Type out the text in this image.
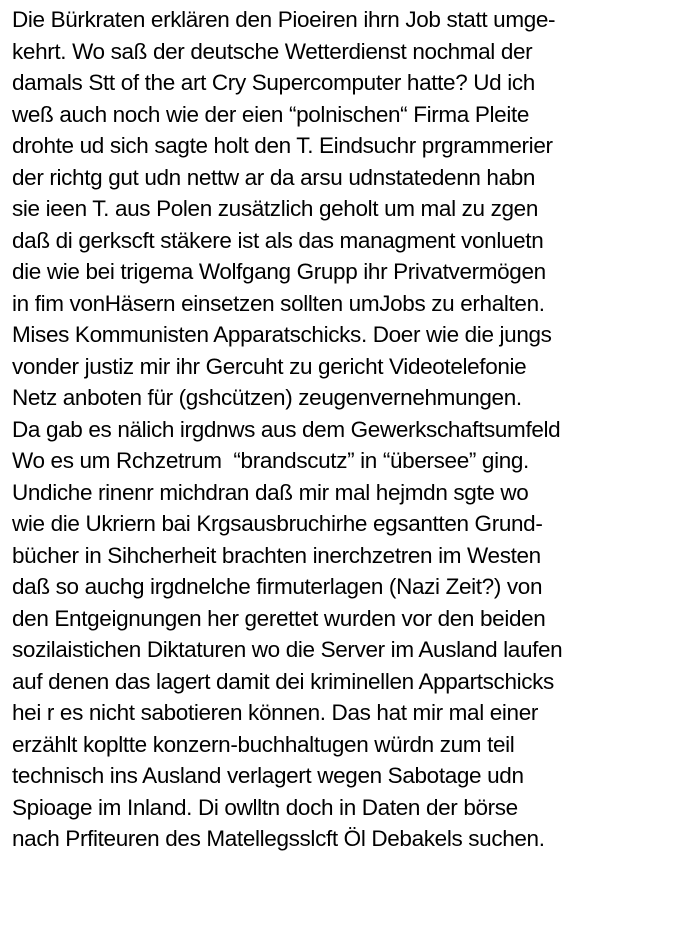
Die Bürkraten erklären den Pioeiren ihrn Job statt umge-
kehrt. Wo saß der deutsche Wetterdienst nochmal der
damals Stt of the art Cry Supercomputer hatte? Ud ich
weß auch noch wie der eien “polnischen“ Firma Pleite
drohte ud sich sagte holt den T. Eindsuchr prgrammerier
der richtg gut udn nettw ar da arsu udnstatedenn habn
sie ieen T. aus Polen zusätzlich geholt um mal zu zgen
daß di gerkscft stäkere ist als das managment vonluetn
die wie bei trigema Wolfgang Grupp ihr Privatvermögen
in fim vonHäsern einsetzen sollten umJobs zu erhalten.
Mises Kommunisten Apparatschicks. Doer wie die jungs
vonder justiz mir ihr Gercuht zu gericht Videotelefonie
Netz anboten für (gshcützen) zeugenvernehmungen.
Da gab es nälich irgdnws aus dem Gewerkschaftsumfeld
Wo es um Rchzetrum  “brandscutz” in “übersee” ging.
Undiche rinenr michdran daß mir mal hejmdn sgte wo
wie die Ukriern bai Krgsausbruchirhe egsantten Grund-
bücher in Sihcherheit brachten inerchzetren im Westen
daß so auchg irgdnelche firmuterlagen (Nazi Zeit?) von
den Entgeignungen her gerettet wurden vor den beiden
sozilaistichen Diktaturen wo die Server im Ausland laufen
auf denen das lagert damit dei kriminellen Appartschicks
hei r es nicht sabotieren können. Das hat mir mal einer
erzählt kopltte konzern-buchhaltugen würdn zum teil
technisch ins Ausland verlagert wegen Sabotage udn
Spioage im Inland. Di owlltn doch in Daten der börse
nach Prfiteuren des Matellegsslcft Öl Debakels suchen.
